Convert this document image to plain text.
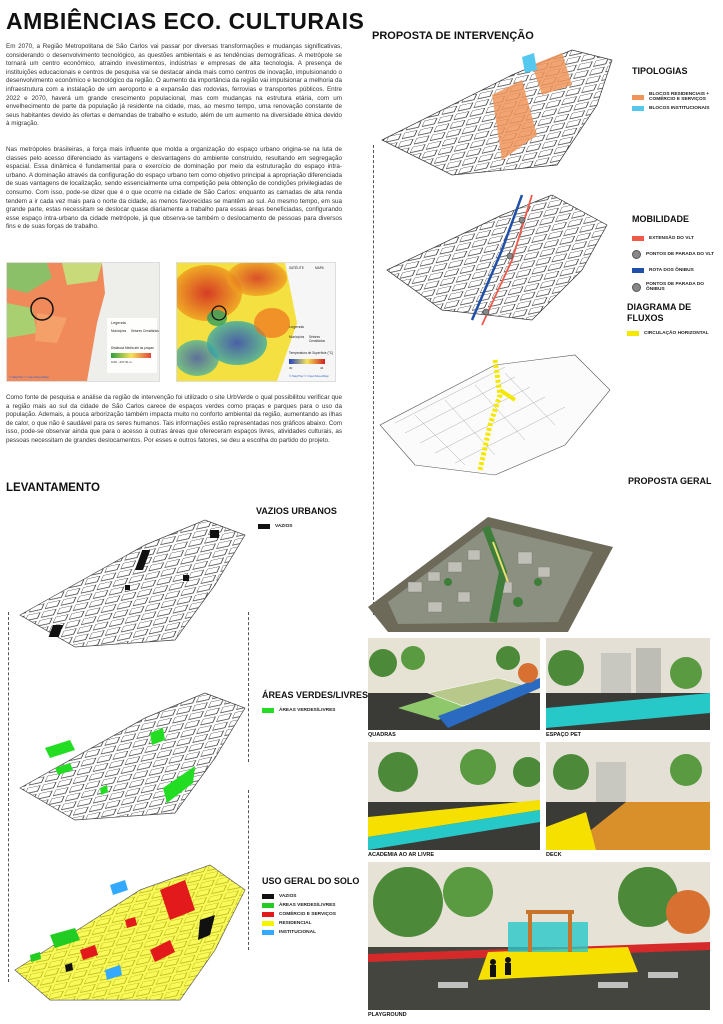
AMBIÊNCIAS ECO. CULTURAIS
Em 2070, a Região Metropolitana de São Carlos vai passar por diversas transformações e mudanças significativas, considerando o desenvolvimento tecnológico, as questões ambientais e as tendências demográficas. A metrópole se tornará um centro econômico, atraindo investimentos, indústrias e empresas de alta tecnologia. A presença de instituições educacionais e centros de pesquisa vai se destacar ainda mais como centros de inovação, impulsionando o desenvolvimento econômico e tecnológico da região. O aumento da importância da região vai impulsionar a melhoria da infraestrutura com a instalação de um aeroporto e a expansão das rodovias, ferrovias e transportes públicos. Entre 2022 e 2070, haverá um grande crescimento populacional, mas com mudanças na estrutura etária, com um envelhecimento de parte da população já residente na cidade, mas, ao mesmo tempo, uma renovação constante de seus habitantes devido às ofertas e demandas de trabalho e estudo, além de um aumento na diversidade étnica devido à migração.
Nas metrópoles brasileiras, a força mais influente que molda a organização do espaço urbano origina-se na luta de classes pelo acesso diferenciado às vantagens e desvantagens do ambiente construído, resultando em segregação espacial. Essa dinâmica é fundamental para o exercício de dominação por meio da estruturação do espaço intra-urbano. A dominação através da configuração do espaço urbano tem como objetivo principal a apropriação diferenciada de suas vantagens de localização, sendo essencialmente uma competição pela obtenção de condições privilegiadas de consumo. Com isso, pode-se dizer que é o que ocorre na cidade de São Carlos: enquanto as camadas de alta renda tendem a ir cada vez mais para o norte da cidade, as menos favorecidas se mantêm ao sul. Ao mesmo tempo, em sua grande parte, estas necessitam se deslocar quase diariamente a trabalho para essas áreas beneficiadas, configurando esse espaço intra-urbano da cidade metrópole, já que observa-se também o deslocamento de pessoas para diversos fins e de suas forças de trabalho.
Legenda
Municípios Setores Censitários
Distância Média até as praças
0.00 - 247.61 m
© MapTiler © OpenStreetMap
SATÉLITE	MAPA
Legenda
Municípios Setores Censitários
Temperatura de Superfície (°C)
30	44
© MapTiler © OpenStreetMap
Como fonte de pesquisa e análise da região de intervenção foi utilizado o site UrbVerde o qual possibilitou verificar que a região mais ao sul da cidade de São Carlos carece de espaços verdes como praças e parques para o uso da população. Ademais, a pouca arborização também impacta muito no conforto ambiental da região, aumentando as ilhas de calor, o que não é saudável para os seres humanos. Tais informações estão representadas nos gráficos abaixo. Com isso, pode-se observar ainda que para o acesso à outras áreas que ofereceram espaços livres, atividades culturais, as pessoas necessitam de grandes deslocamentos. Por esses e outros fatores, se deu a escolha do partido do projeto.
LEVANTAMENTO
VAZIOS URBANOS
VAZIOS
ÁREAS VERDES/LIVRES
ÁREAS VERDES/LIVRES
USO GERAL DO SOLO
VAZIOS
ÁREAS VERDES/LIVRES
COMÉRCIO E SERVIÇOS
RESIDENCIAL
INSTITUCIONAL
PROPOSTA DE INTERVENÇÃO
TIPOLOGIAS
BLOCOS RESIDENCIAIS + COMÉRCIO E SERVIÇOS
BLOCOS INSTITUCIONAIS
MOBILIDADE
EXTENSÃO DO VLT
PONTOS DE PARADA DO VLT
ROTA DOS ÔNIBUS
PONTOS DE PARADA DO ÔNIBUS
DIAGRAMA DE FLUXOS
CIRCULAÇÃO HORIZONTAL
PROPOSTA GERAL
QUADRAS	ESPAÇO PET
ACADEMIA AO AR LIVRE	DECK
PLAYGROUND
